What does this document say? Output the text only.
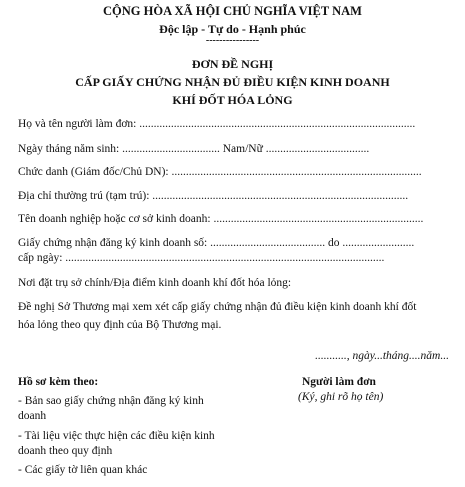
CỘNG HÒA XÃ HỘI CHỦ NGHĨA VIỆT NAM
Độc lập - Tự do - Hạnh phúc
----------------
ĐƠN ĐỀ NGHỊ
CẤP GIẤY CHỨNG NHẬN ĐỦ ĐIỀU KIỆN KINH DOANH
KHÍ ĐỐT HÓA LỎNG
Họ và tên người làm đơn: ................................................................................................
Ngày tháng năm sinh: .................................. Nam/Nữ ....................................
Chức danh (Giám đốc/Chủ DN): .......................................................................................
Địa chỉ thường trú (tạm trú): .........................................................................................
Tên doanh nghiệp hoặc cơ sở kinh doanh: .........................................................................
Giấy chứng nhận đăng ký kinh doanh số: ........................................ do .........................
cấp ngày: ...............................................................................................................
Nơi đặt trụ sở chính/Địa điểm kinh doanh khí đốt hóa lỏng:
Đề nghị Sở Thương mại xem xét cấp giấy chứng nhận đủ điều kiện kinh doanh khí đốt
hóa lỏng theo quy định của Bộ Thương mại.
..........., ngày...tháng....năm...
Hồ sơ kèm theo:
- Bản sao giấy chứng nhận đăng ký kinh
doanh
- Tài liệu việc thực hiện các điều kiện kinh
doanh theo quy định
- Các giấy tờ liên quan khác
Người làm đơn
(Ký, ghi rõ họ tên)
